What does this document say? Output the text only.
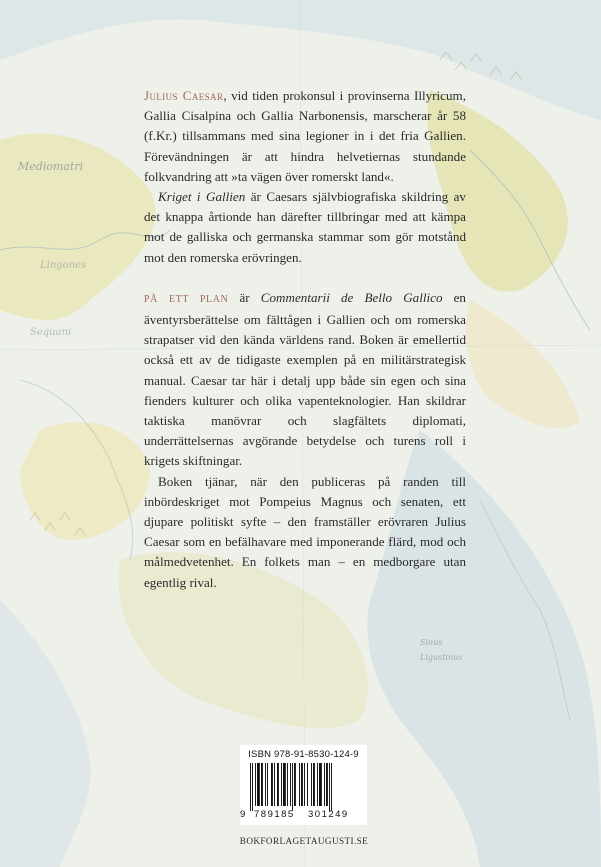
Mediomatri
Lingones
Sequani
Sinus
Ligustinus

Julius Caesar, vid tiden prokonsul i provinserna Illyricum, Gallia Cisalpina och Gallia Narbonensis, marscherar år 58 (f.Kr.) tillsammans med sina legioner in i det fria Gallien. Förevändningen är att hindra helvetiernas stundande folkvandring att »ta vägen över romerskt land«.

Kriget i Gallien är Caesars självbiografiska skildring av det knappa årtionde han därefter tillbringar med att kämpa mot de galliska och germanska stammar som gör motstånd mot den romerska erövringen.

PÅ ETT PLAN är Commentarii de Bello Gallico en äventyrsberättelse om fälttågen i Gallien och om romerska strapatser vid den kända världens rand. Boken är emellertid också ett av de tidigaste exemplen på en militärstrategisk manual. Caesar tar här i detalj upp både sin egen och sina fienders kulturer och olika vapenteknologier. Han skildrar taktiska manövrar och slagfältets diplomati, underrättelsernas avgörande betydelse och turens roll i krigets skiftningar.

Boken tjänar, när den publiceras på randen till inbördeskriget mot Pompeius Magnus och senaten, ett djupare politiskt syfte – den framställer erövraren Julius Caesar som en befälhavare med imponerande flärd, mod och målmedvetenhet. En folkets man – en medborgare utan egentlig rival.

ISBN 978-91-8530-124-9
9 789185 301249
BOKFORLAGETAUGUSTI.SE
